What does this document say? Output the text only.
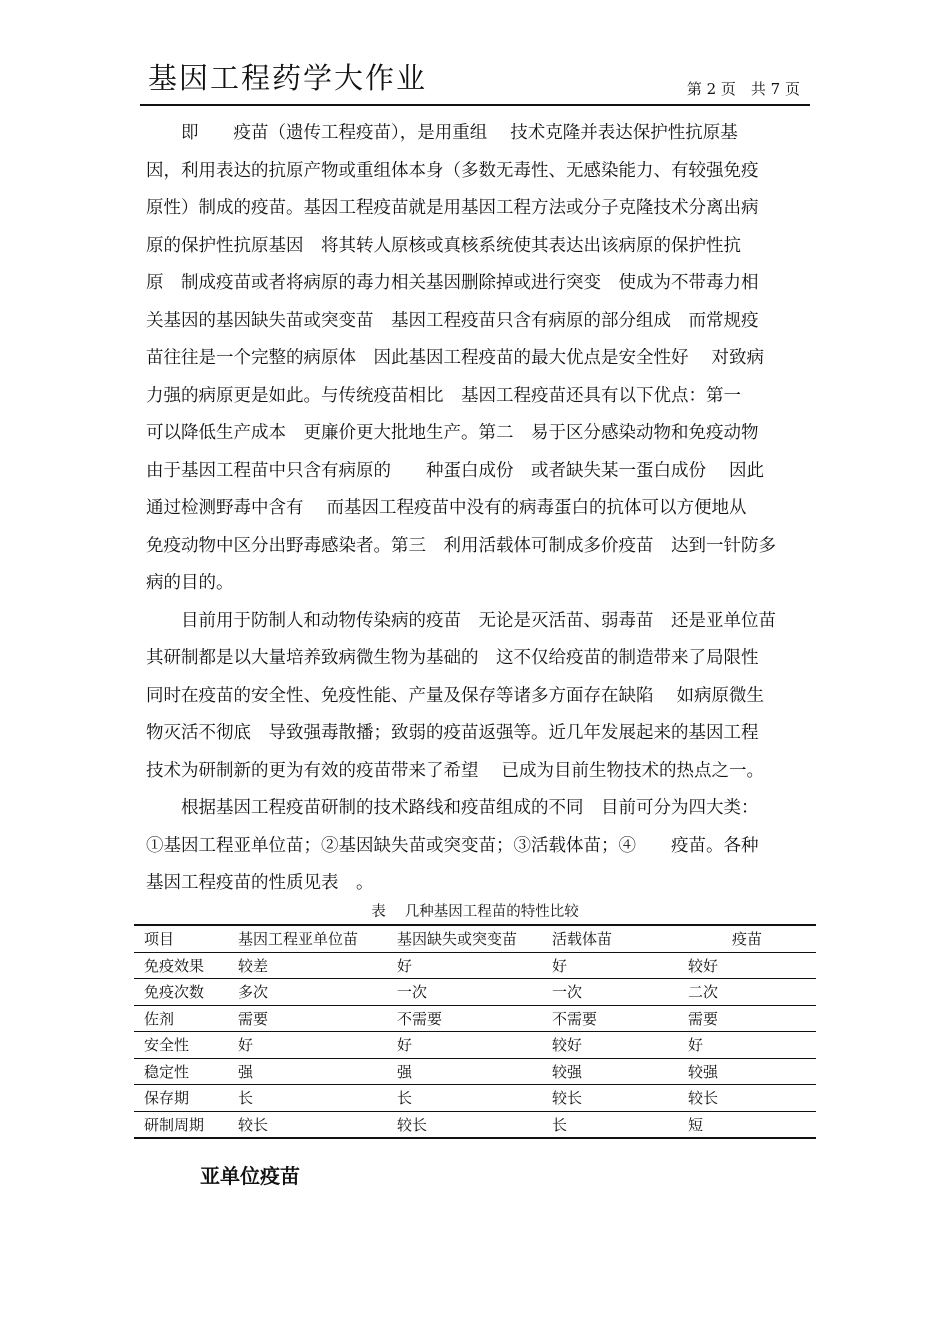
基因工程药学大作业	第 2 页　共 7 页
　　即　　疫苗（遗传工程疫苗），是用重组　 技术克隆并表达保护性抗原基
因，利用表达的抗原产物或重组体本身（多数无毒性、无感染能力、有较强免疫
原性）制成的疫苗。基因工程疫苗就是用基因工程方法或分子克隆技术分离出病
原的保护性抗原基因　将其转人原核或真核系统使其表达出该病原的保护性抗
原　制成疫苗或者将病原的毒力相关基因删除掉或进行突变　使成为不带毒力相
关基因的基因缺失苗或突变苗　基因工程疫苗只含有病原的部分组成　而常规疫
苗往往是一个完整的病原体　因此基因工程疫苗的最大优点是安全性好　 对致病
力强的病原更是如此。与传统疫苗相比　基因工程疫苗还具有以下优点：第一
可以降低生产成本　更廉价更大批地生产。第二　易于区分感染动物和免疫动物
由于基因工程苗中只含有病原的　　种蛋白成份　或者缺失某一蛋白成份　 因此
通过检测野毒中含有　 而基因工程疫苗中没有的病毒蛋白的抗体可以方便地从
免疫动物中区分出野毒感染者。第三　利用活载体可制成多价疫苗　达到一针防多
病的目的。
　　目前用于防制人和动物传染病的疫苗　无论是灭活苗、弱毒苗　还是亚单位苗
其研制都是以大量培养致病微生物为基础的　这不仅给疫苗的制造带来了局限性
同时在疫苗的安全性、免疫性能、产量及保存等诸多方面存在缺陷　 如病原微生
物灭活不彻底　导致强毒散播；致弱的疫苗返强等。近几年发展起来的基因工程
技术为研制新的更为有效的疫苗带来了希望　 已成为目前生物技术的热点之一。
　　根据基因工程疫苗研制的技术路线和疫苗组成的不同　目前可分为四大类：
①基因工程亚单位苗；②基因缺失苗或突变苗；③活载体苗；④　　疫苗。各种
基因工程疫苗的性质见表　。
表　 几种基因工程苗的特性比较
项目	基因工程亚单位苗	基因缺失或突变苗	活载体苗	疫苗
免疫效果	较差	好	好	较好
免疫次数	多次	一次	一次	二次
佐剂	需要	不需要	不需要	需要
安全性	好	好	较好	好
稳定性	强	强	较强	较强
保存期	长	长	较长	较长
研制周期	较长	较长	长	短
亚单位疫苗
